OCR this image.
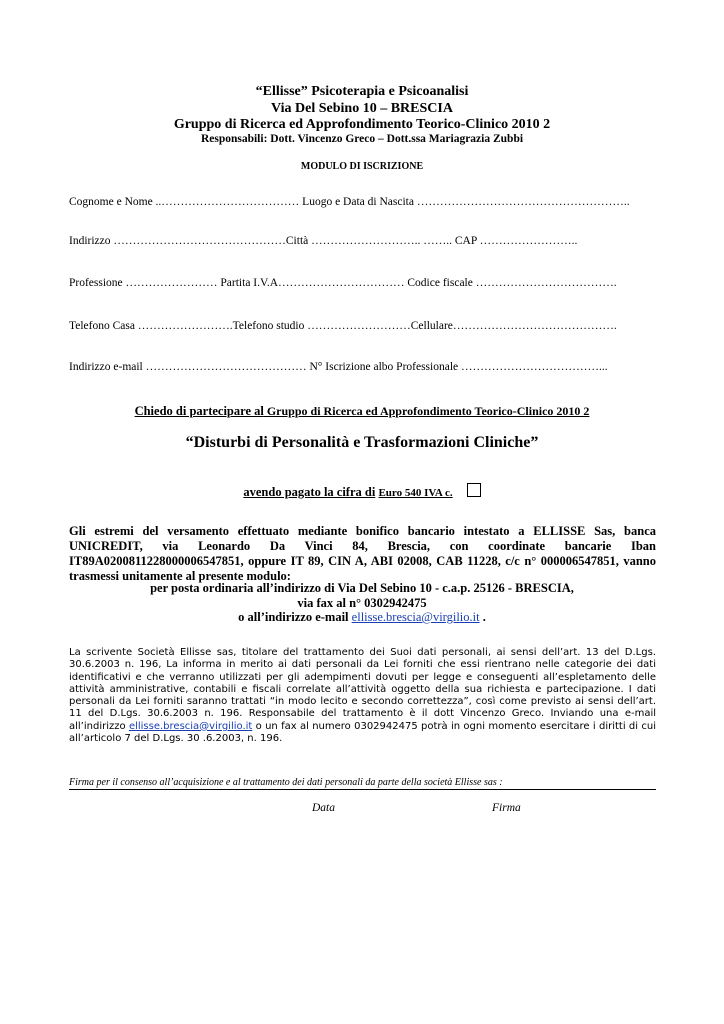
“Ellisse” Psicoterapia e Psicoanalisi
Via Del Sebino 10 – BRESCIA
Gruppo di Ricerca ed Approfondimento Teorico-Clinico 2010 2
Responsabili: Dott. Vincenzo Greco – Dott.ssa Mariagrazia Zubbi
MODULO DI ISCRIZIONE
Cognome e Nome ..……………………………… Luogo e Data di Nascita ………………………………………………..
Indirizzo ………………………………………Città ……………………….. …….. CAP ……………………..
Professione …………………… Partita I.V.A…………………………… Codice fiscale ……………………………….
Telefono Casa …………………….Telefono studio ………………………Cellulare…………………………………….
Indirizzo e-mail …………………………………… N° Iscrizione albo Professionale ………………………………...
Chiedo di partecipare al Gruppo di Ricerca ed Approfondimento Teorico-Clinico 2010 2
“Disturbi di Personalità e Trasformazioni Cliniche”
avendo pagato la cifra di Euro 540 IVA c.
Gli estremi del versamento effettuato mediante bonifico bancario intestato a ELLISSE Sas, banca UNICREDIT, via Leonardo Da Vinci 84, Brescia, con coordinate bancarie Iban IT89A0200811228000006547851, oppure IT 89, CIN A, ABI 02008, CAB 11228, c/c n° 000006547851, vanno trasmessi unitamente al presente modulo:
per posta ordinaria all’indirizzo di Via Del Sebino 10 - c.a.p. 25126 - BRESCIA,
via fax al n° 0302942475
o all’indirizzo e-mail ellisse.brescia@virgilio.it .
La scrivente Società Ellisse sas, titolare del trattamento dei Suoi dati personali, ai sensi dell’art. 13 del D.Lgs. 30.6.2003 n. 196, La informa in merito ai dati personali da Lei forniti che essi rientrano nelle categorie dei dati identificativi e che verranno utilizzati per gli adempimenti dovuti per legge e conseguenti all’espletamento delle attività amministrative, contabili e fiscali correlate all’attività oggetto della sua richiesta e partecipazione. I dati personali da Lei forniti saranno trattati “in modo lecito e secondo correttezza”, così come previsto ai sensi dell’art. 11 del D.Lgs. 30.6.2003 n. 196. Responsabile del trattamento è il dott Vincenzo Greco. Inviando una e-mail all’indirizzo ellisse.brescia@virgilio.it o un fax al numero 0302942475 potrà in ogni momento esercitare i diritti di cui all’articolo 7 del D.Lgs. 30 .6.2003, n. 196.
Firma per il consenso all’acquisizione e al trattamento dei dati personali da parte della società Ellisse sas :
Data	Firma
